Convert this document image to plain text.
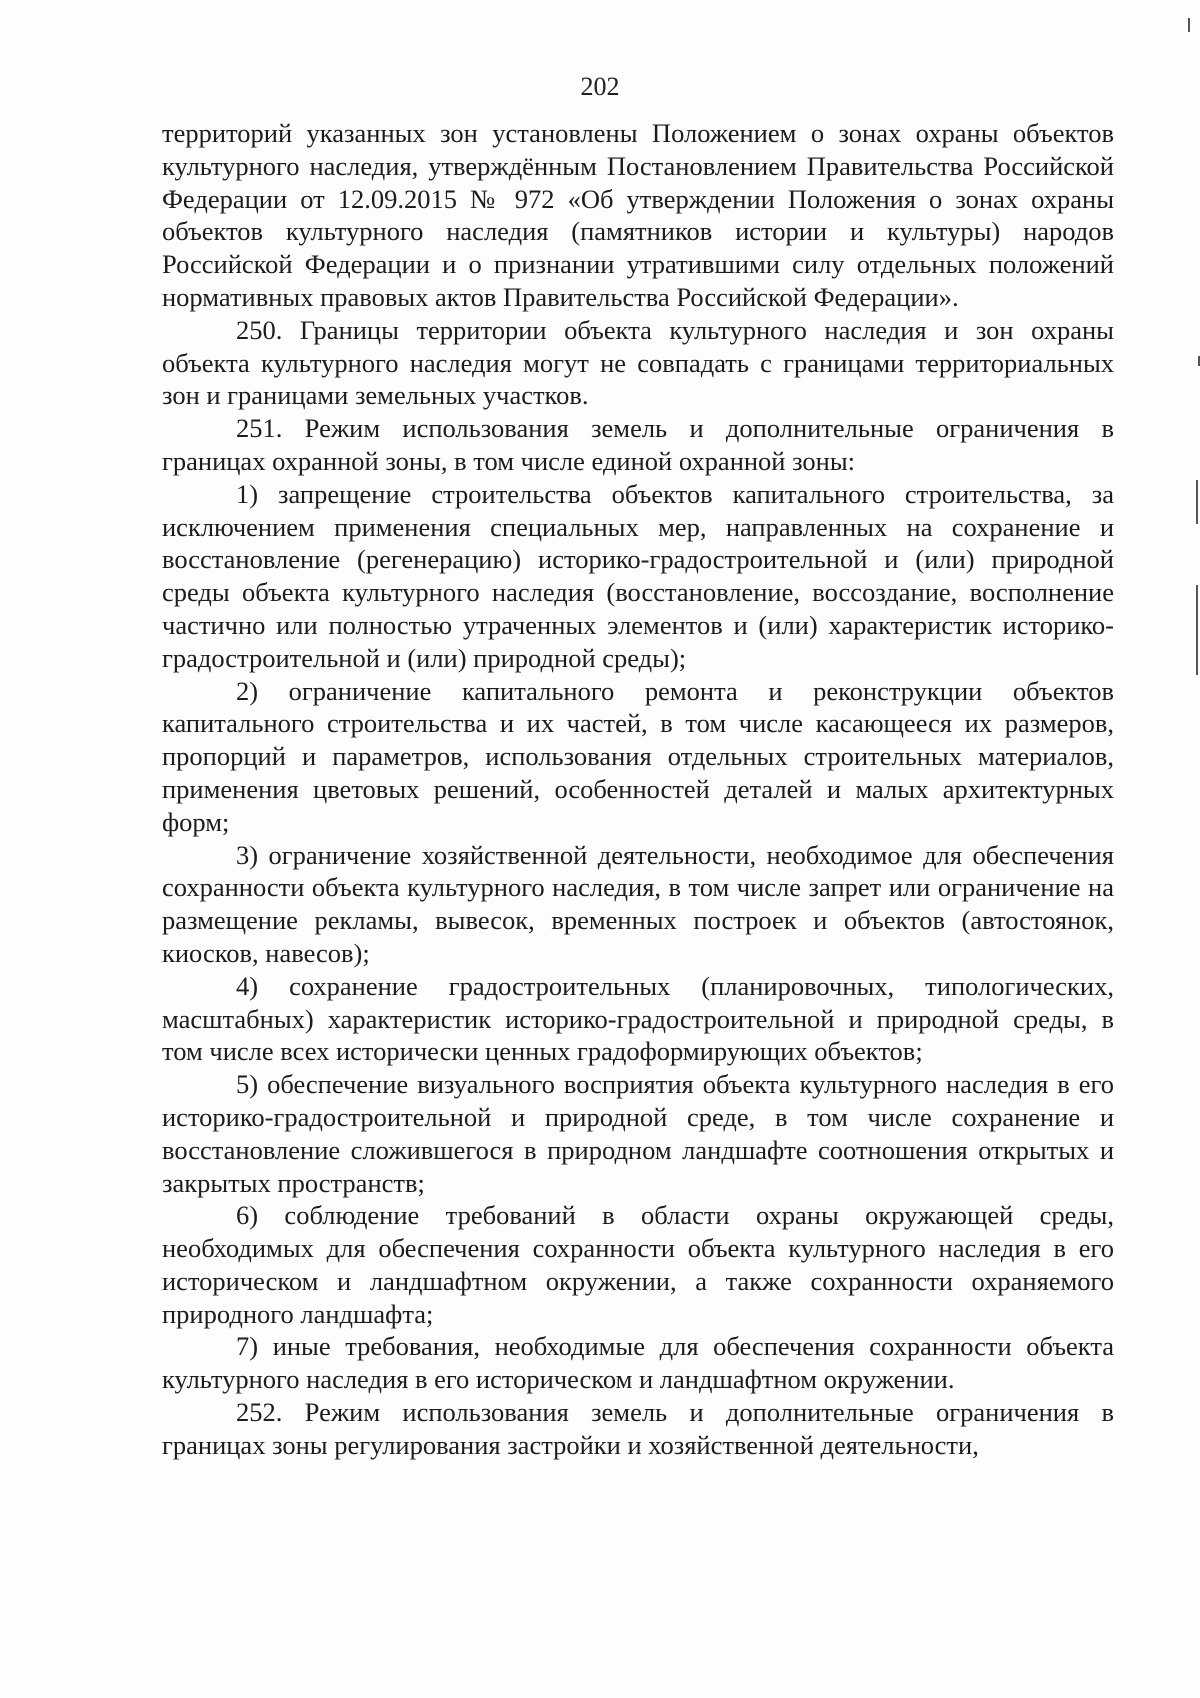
202

территорий указанных зон установлены Положением о зонах охраны объектов культурного наследия, утверждённым Постановлением Правительства Российской Федерации от 12.09.2015 № 972 «Об утверждении Положения о зонах охраны объектов культурного наследия (памятников истории и культуры) народов Российской Федерации и о признании утратившими силу отдельных положений нормативных правовых актов Правительства Российской Федерации».

250. Границы территории объекта культурного наследия и зон охраны объекта культурного наследия могут не совпадать с границами территориальных зон и границами земельных участков.

251. Режим использования земель и дополнительные ограничения в границах охранной зоны, в том числе единой охранной зоны:

1) запрещение строительства объектов капитального строительства, за исключением применения специальных мер, направленных на сохранение и восстановление (регенерацию) историко-градостроительной и (или) природной среды объекта культурного наследия (восстановление, воссоздание, восполнение частично или полностью утраченных элементов и (или) характеристик историко-градостроительной и (или) природной среды);

2) ограничение капитального ремонта и реконструкции объектов капитального строительства и их частей, в том числе касающееся их размеров, пропорций и параметров, использования отдельных строительных материалов, применения цветовых решений, особенностей деталей и малых архитектурных форм;

3) ограничение хозяйственной деятельности, необходимое для обеспечения сохранности объекта культурного наследия, в том числе запрет или ограничение на размещение рекламы, вывесок, временных построек и объектов (автостоянок, киосков, навесов);

4) сохранение градостроительных (планировочных, типологических, масштабных) характеристик историко-градостроительной и природной среды, в том числе всех исторически ценных градоформирующих объектов;

5) обеспечение визуального восприятия объекта культурного наследия в его историко-градостроительной и природной среде, в том числе сохранение и восстановление сложившегося в природном ландшафте соотношения открытых и закрытых пространств;

6) соблюдение требований в области охраны окружающей среды, необходимых для обеспечения сохранности объекта культурного наследия в его историческом и ландшафтном окружении, а также сохранности охраняемого природного ландшафта;

7) иные требования, необходимые для обеспечения сохранности объекта культурного наследия в его историческом и ландшафтном окружении.

252. Режим использования земель и дополнительные ограничения в границах зоны регулирования застройки и хозяйственной деятельности,
